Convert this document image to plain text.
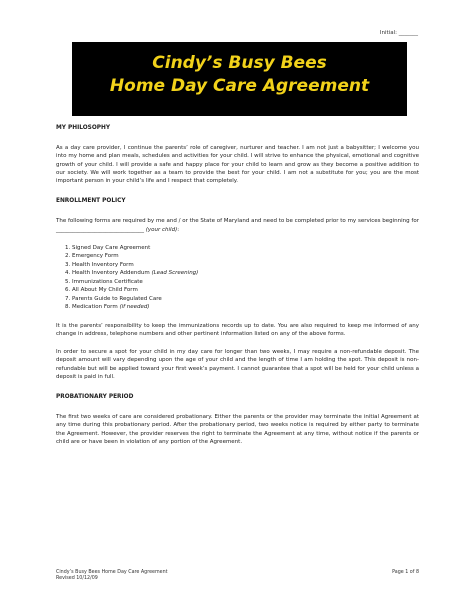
Initial: _______
Cindy’s Busy Bees
Home Day Care Agreement
MY PHILOSOPHY

As a day care provider, I continue the parents’ role of caregiver, nurturer and teacher. I am not just a babysitter; I welcome you into my home and plan meals, schedules and activities for your child. I will strive to enhance the physical, emotional and cognitive growth of your child. I will provide a safe and happy place for your child to learn and grow as they become a positive addition to our society. We will work together as a team to provide the best for your child. I am not a substitute for you; you are the most important person in your child’s life and I respect that completely.

ENROLLMENT POLICY

The following forms are required by me and / or the State of Maryland and need to be completed prior to my services beginning for ________________________________ (your child):

1. Signed Day Care Agreement
2. Emergency Form
3. Health Inventory Form
4. Health Inventory Addendum (Lead Screening)
5. Immunizations Certificate
6. All About My Child Form
7. Parents Guide to Regulated Care
8. Medication Form (if needed)

It is the parents’ responsibility to keep the immunizations records up to date. You are also required to keep me informed of any change in address, telephone numbers and other pertinent information listed on any of the above forms.

In order to secure a spot for your child in my day care for longer than two weeks, I may require a non-refundable deposit. The deposit amount will vary depending upon the age of your child and the length of time I am holding the spot. This deposit is non-refundable but will be applied toward your first week’s payment. I cannot guarantee that a spot will be held for your child unless a deposit is paid in full.

PROBATIONARY PERIOD

The first two weeks of care are considered probationary. Either the parents or the provider may terminate the initial Agreement at any time during this probationary period. After the probationary period, two weeks notice is required by either party to terminate the Agreement. However, the provider reserves the right to terminate the Agreement at any time, without notice if the parents or child are or have been in violation of any portion of the Agreement.

Cindy’s Busy Bees Home Day Care Agreement
Revised 10/12/09
Page 1 of 8
